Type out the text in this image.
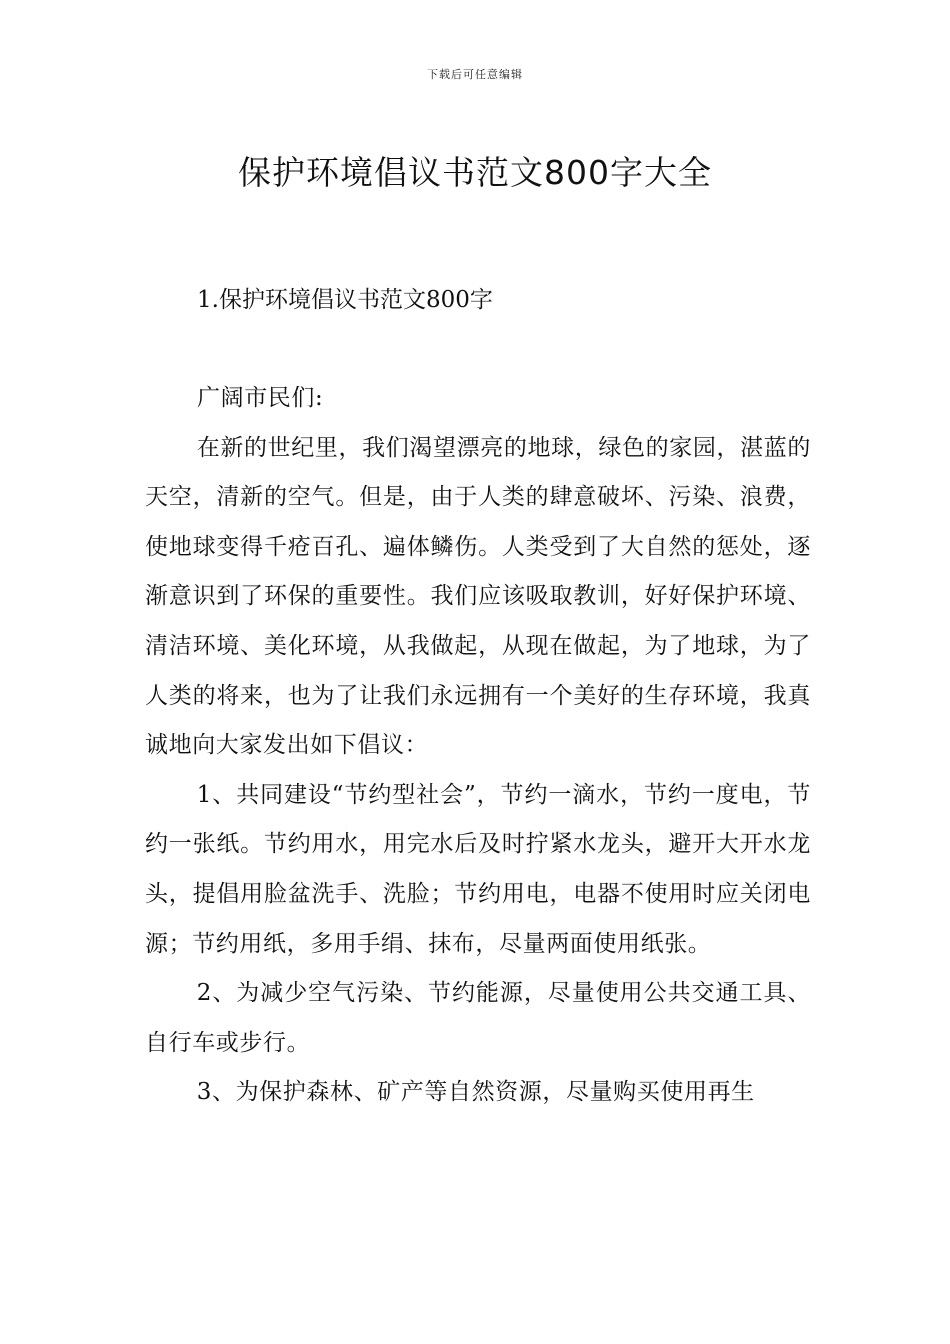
下载后可任意编辑
保护环境倡议书范文800字大全
1.保护环境倡议书范文800字

广阔市民们:

在新的世纪里，我们渴望漂亮的地球，绿色的家园，湛蓝的天空，清新的空气。但是，由于人类的肆意破坏、污染、浪费，使地球变得千疮百孔、遍体鳞伤。人类受到了大自然的惩处，逐渐意识到了环保的重要性。我们应该吸取教训，好好保护环境、清洁环境、美化环境，从我做起，从现在做起，为了地球，为了人类的将来，也为了让我们永远拥有一个美好的生存环境，我真诚地向大家发出如下倡议：

1、共同建设“节约型社会”，节约一滴水，节约一度电，节约一张纸。节约用水，用完水后及时拧紧水龙头，避开大开水龙头，提倡用脸盆洗手、洗脸；节约用电，电器不使用时应关闭电源；节约用纸，多用手绢、抹布，尽量两面使用纸张。

2、为减少空气污染、节约能源，尽量使用公共交通工具、自行车或步行。

3、为保护森林、矿产等自然资源，尽量购买使用再生
